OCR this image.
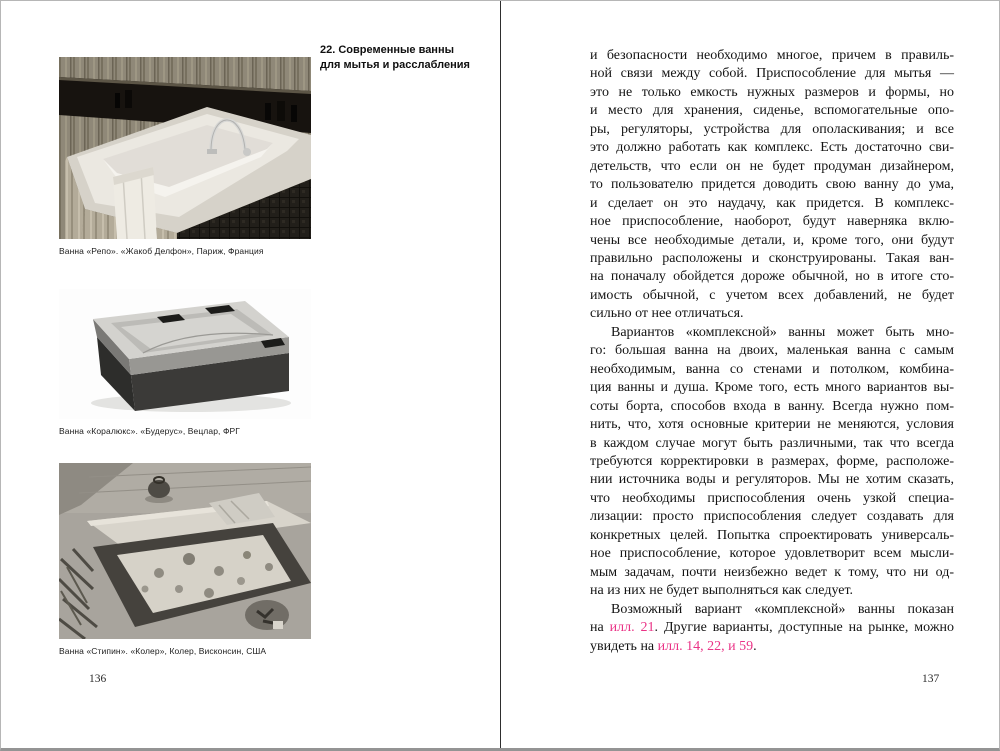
22. Современные ванны
для мытья и расслабления
Ванна «Репо». «Жакоб Делфон», Париж, Франция
Ванна «Коралюкс». «Будерус», Вецлар, ФРГ
Ванна «Стипин». «Колер», Колер, Висконсин, США
136
и безопасности необходимо многое, причем в правиль-
ной связи между собой. Приспособление для мытья —
это не только емкость нужных размеров и формы, но
и место для хранения, сиденье, вспомогательные опо-
ры, регуляторы, устройства для ополаскивания; и все
это должно работать как комплекс. Есть достаточно сви-
детельств, что если он не будет продуман дизайнером,
то пользователю придется доводить свою ванну до ума,
и сделает он это наудачу, как придется. В комплекс-
ное приспособление, наоборот, будут наверняка вклю-
чены все необходимые детали, и, кроме того, они будут
правильно расположены и сконструированы. Такая ван-
на поначалу обойдется дороже обычной, но в итоге сто-
имость обычной, с учетом всех добавлений, не будет
сильно от нее отличаться.
Вариантов «комплексной» ванны может быть мно-
го: большая ванна на двоих, маленькая ванна с самым
необходимым, ванна со стенами и потолком, комбина-
ция ванны и душа. Кроме того, есть много вариантов вы-
соты борта, способов входа в ванну. Всегда нужно пом-
нить, что, хотя основные критерии не меняются, условия
в каждом случае могут быть различными, так что всегда
требуются корректировки в размерах, форме, расположе-
нии источника воды и регуляторов. Мы не хотим сказать,
что необходимы приспособления очень узкой специа-
лизации: просто приспособления следует создавать для
конкретных целей. Попытка спроектировать универсаль-
ное приспособление, которое удовлетворит всем мысли-
мым задачам, почти неизбежно ведет к тому, что ни од-
на из них не будет выполняться как следует.
Возможный вариант «комплексной» ванны показан
на илл. 21. Другие варианты, доступные на рынке, можно
увидеть на илл. 14, 22, и 59.
137
